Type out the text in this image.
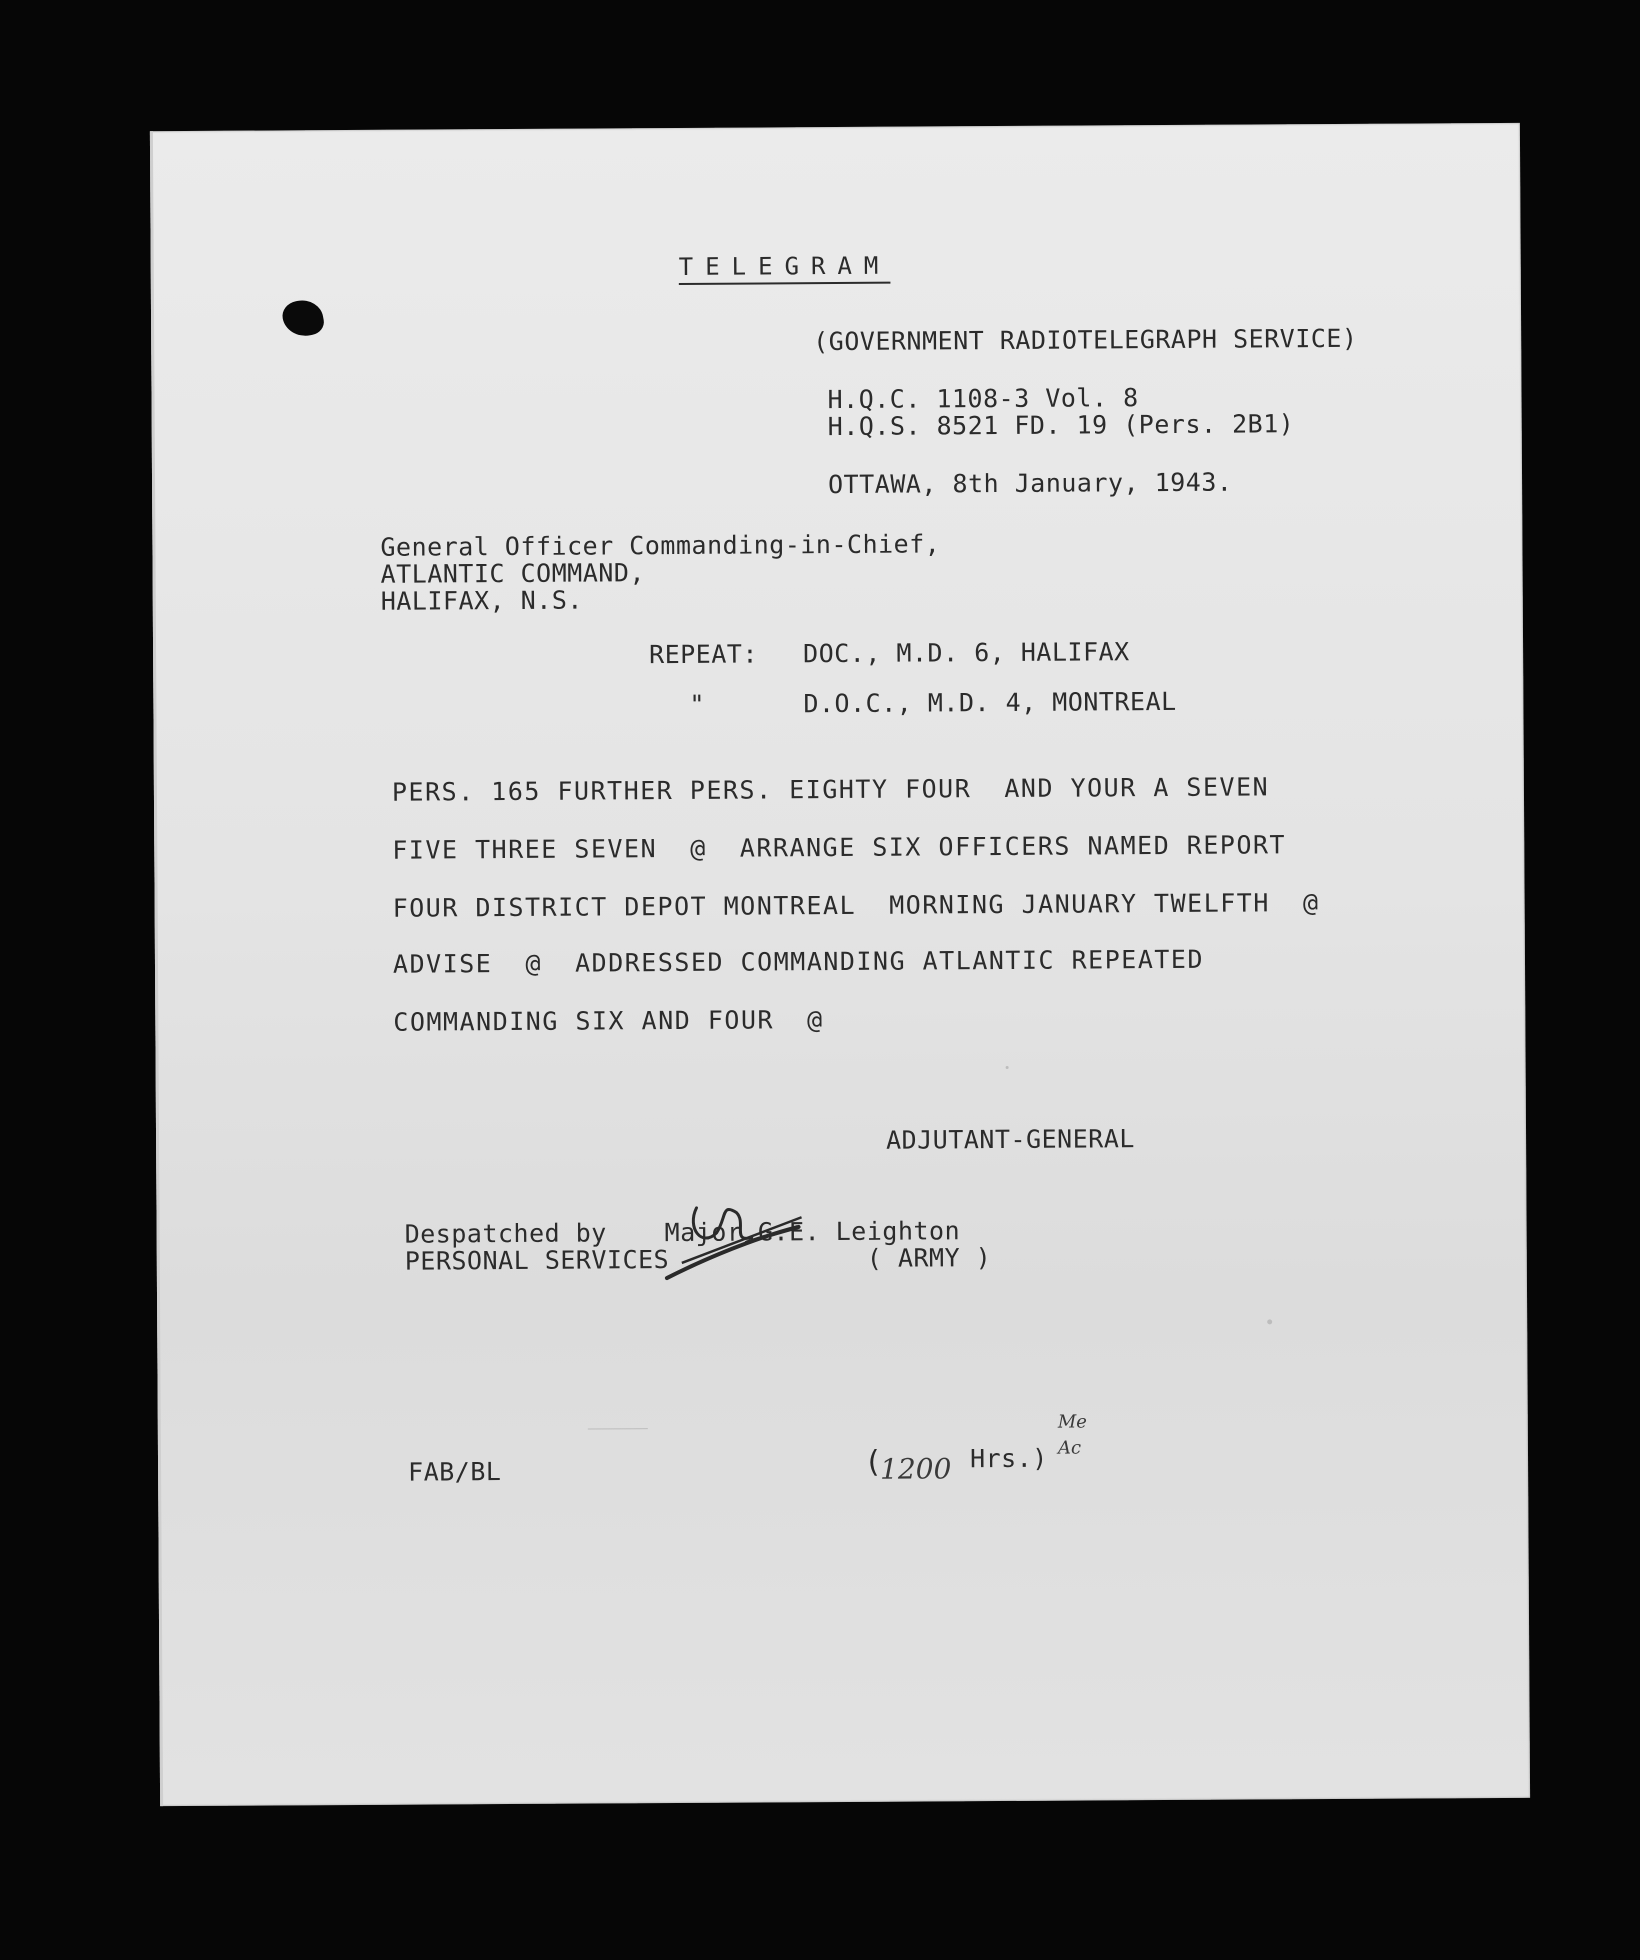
TELEGRAM
(GOVERNMENT RADIOTELEGRAPH SERVICE)
H.Q.C. 1108-3 Vol. 8
H.Q.S. 8521 FD. 19 (Pers. 2B1)
OTTAWA, 8th January, 1943.
General Officer Commanding-in-Chief,
ATLANTIC COMMAND,
HALIFAX, N.S.
REPEAT: DOC., M.D. 6, HALIFAX
"	D.O.C., M.D. 4, MONTREAL
PERS. 165 FURTHER PERS. EIGHTY FOUR  AND YOUR A SEVEN
FIVE THREE SEVEN  @  ARRANGE SIX OFFICERS NAMED REPORT
FOUR DISTRICT DEPOT MONTREAL  MORNING JANUARY TWELFTH  @
ADVISE  @  ADDRESSED COMMANDING ATLANTIC REPEATED
COMMANDING SIX AND FOUR  @
ADJUTANT-GENERAL
Despatched by Major G.E. Leighton
PERSONAL SERVICES	( ARMY )
FAB/BL	(
1200 Hrs.)
Me
Ac
